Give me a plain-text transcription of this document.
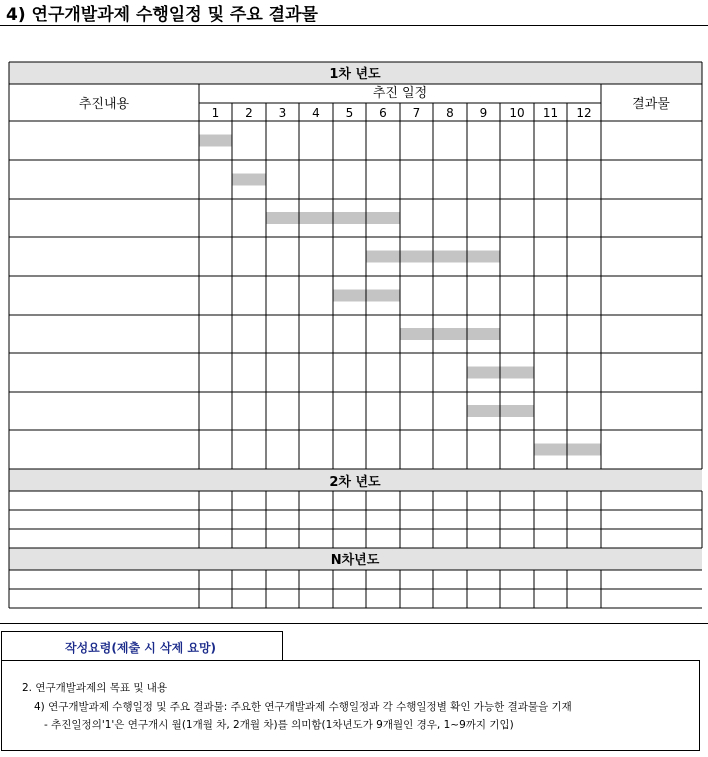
4) 연구개발과제 수행일정 및 주요 결과물
1차 년도
추진내용
추진 일정
결과물
2차 년도
N차년도
1 2 3 4 5 6 7 8 9 10 11 12
작성요령(제출 시 삭제 요망)
2. 연구개발과제의 목표 및 내용
4) 연구개발과제 수행일정 및 주요 결과물: 주요한 연구개발과제 수행일정과 각 수행일정별 확인 가능한 결과물을 기재
- 추진일정의'1'은 연구개시 월(1개월 차, 2개월 차)를 의미함(1차년도가 9개월인 경우, 1~9까지 기입)
